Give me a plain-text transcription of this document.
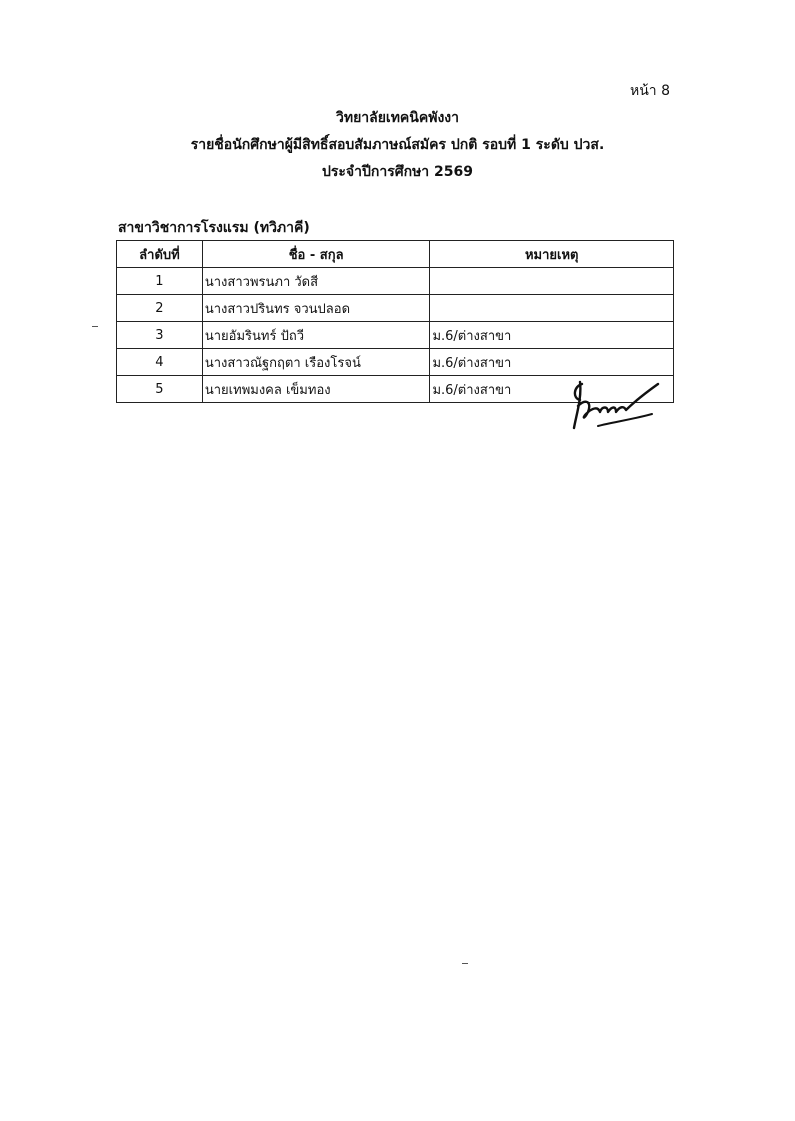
หน้า 8
วิทยาลัยเทคนิคพังงา
รายชื่อนักศึกษาผู้มีสิทธิ์สอบสัมภาษณ์สมัคร ปกติ รอบที่ 1 ระดับ ปวส.
ประจำปีการศึกษา 2569
สาขาวิชาการโรงแรม (ทวิภาคี)
ลำดับที่	ชื่อ - สกุล	หมายเหตุ
1	นางสาวพรนภา วัดสี	
2	นางสาวปรินทร จวนปลอด	
3	นายอัมรินทร์ ปัถวี	ม.6/ต่างสาขา
4	นางสาวณัฐกฤตา เรืองโรจน์	ม.6/ต่างสาขา
5	นายเทพมงคล เข็มทอง	ม.6/ต่างสาขา
